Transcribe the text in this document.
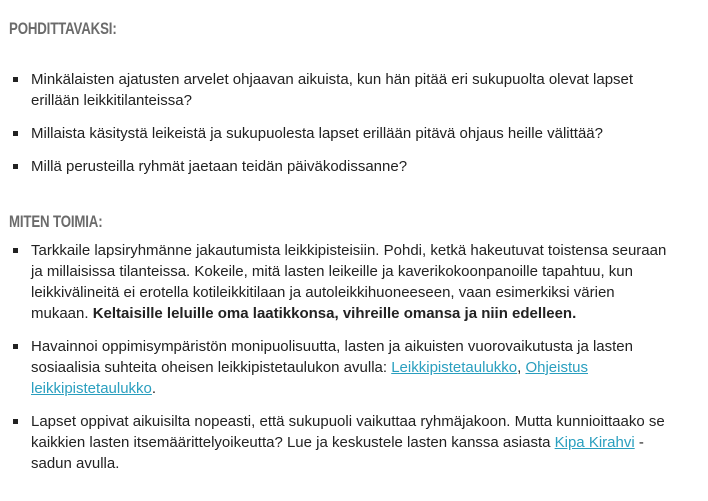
POHDITTAVAKSI:
Minkälaisten ajatusten arvelet ohjaavan aikuista, kun hän pitää eri sukupuolta olevat lapset erillään leikkitilanteissa?
Millaista käsitystä leikeistä ja sukupuolesta lapset erillään pitävä ohjaus heille välittää?
Millä perusteilla ryhmät jaetaan teidän päiväkodissanne?
MITEN TOIMIA:
Tarkkaile lapsiryhmänne jakautumista leikkipisteisiin. Pohdi, ketkä hakeutuvat toistensa seuraan ja millaisissa tilanteissa. Kokeile, mitä lasten leikeille ja kaverikokoonpanoille tapahtuu, kun leikkivälineitä ei erotella kotileikkitilaan ja autoleikkihuoneeseen, vaan esimerkiksi värien mukaan. Keltaisille leluille oma laatikkonsa, vihreille omansa ja niin edelleen.
Havainnoi oppimisympäristön monipuolisuutta, lasten ja aikuisten vuorovaikutusta ja lasten sosiaalisia suhteita oheisen leikkipistetaulukon avulla: Leikkipistetaulukko, Ohjeistus leikkipistetaulukko.
Lapset oppivat aikuisilta nopeasti, että sukupuoli vaikuttaa ryhmäjakoon. Mutta kunnioittaako se kaikkien lasten itsemäärittelyoikeutta? Lue ja keskustele lasten kanssa asiasta Kipa Kirahvi -sadun avulla.
